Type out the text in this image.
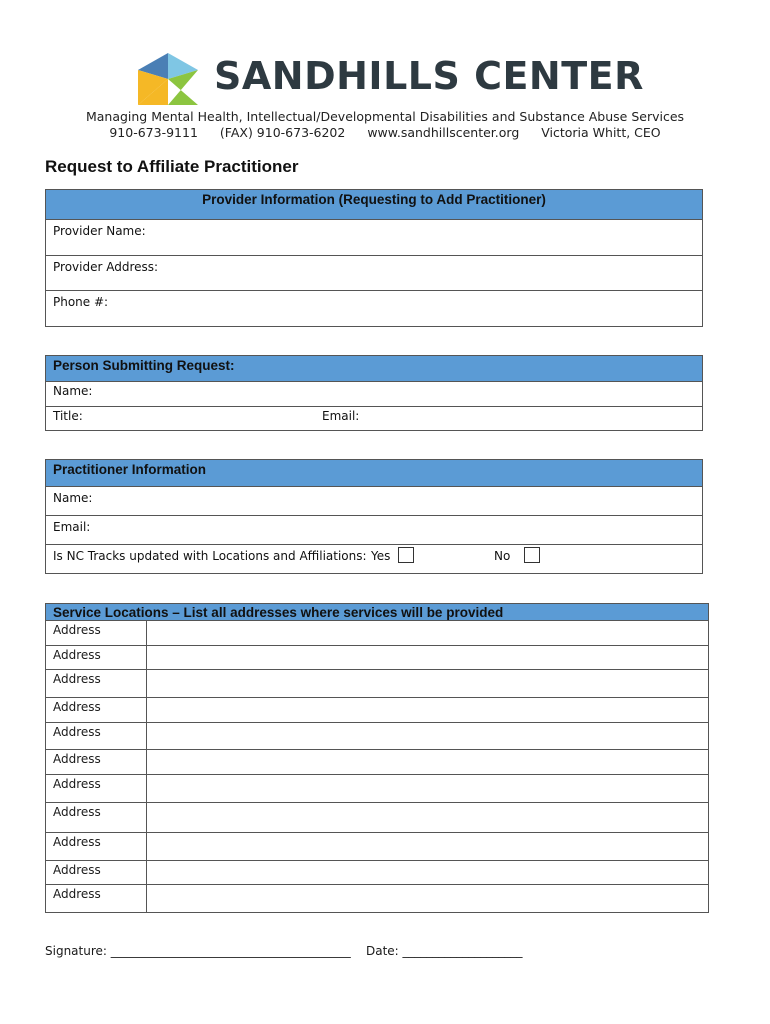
SANDHILLS CENTER
Managing Mental Health, Intellectual/Developmental Disabilities and Substance Abuse Services
910-673-9111 (FAX) 910-673-6202 www.sandhillscenter.org Victoria Whitt, CEO
Request to Affiliate Practitioner
Provider Information (Requesting to Add Practitioner)
Provider Name:
Provider Address:
Phone #:
Person Submitting Request:
Name:
Title:	Email:
Practitioner Information
Name:
Email:
Is NC Tracks updated with Locations and Affiliations: Yes	No
Service Locations – List all addresses where services will be provided
Address
Address
Address
Address
Address
Address
Address
Address
Address
Address
Address
Signature: ________________________________________ Date: ____________________
